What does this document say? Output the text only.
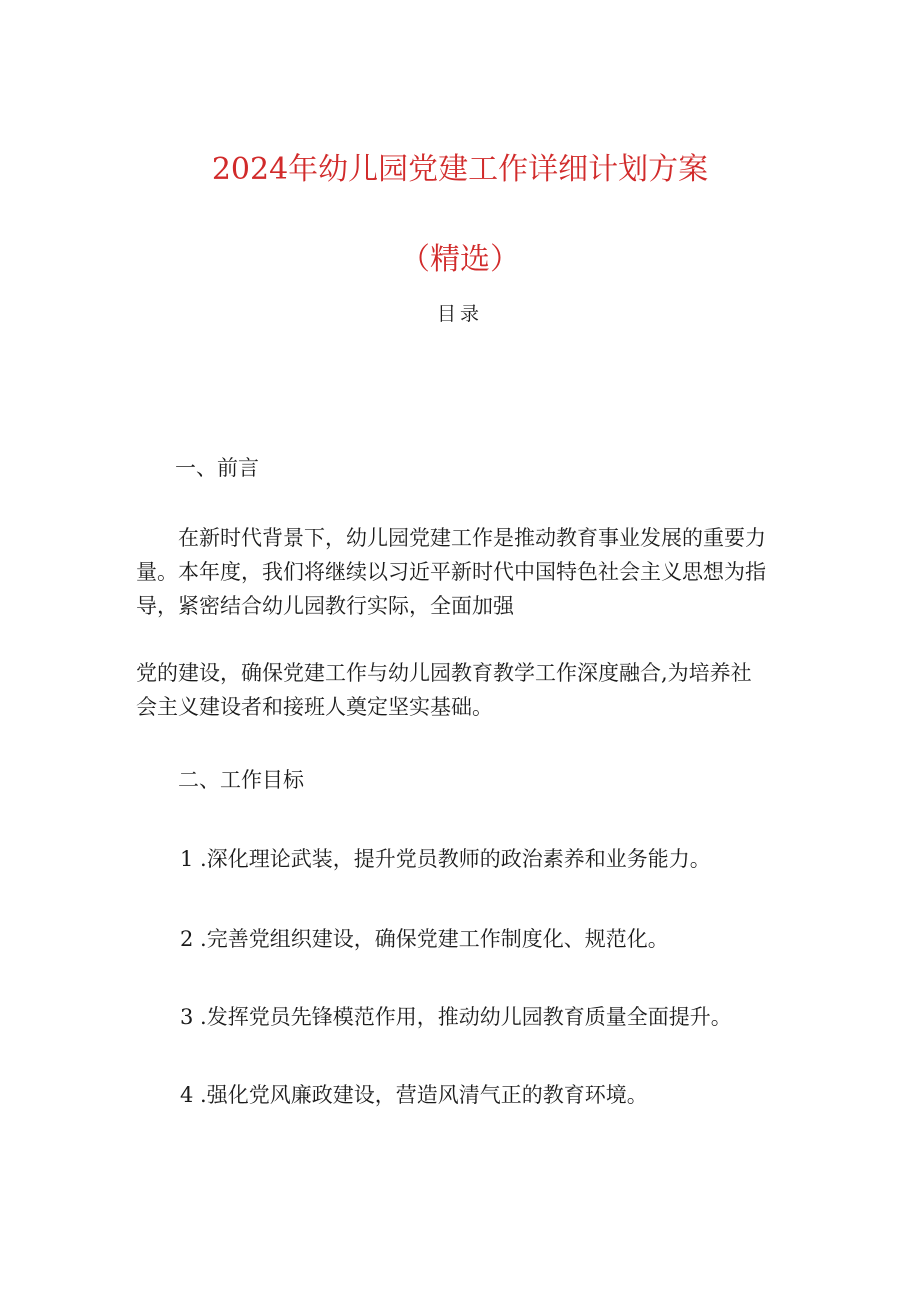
2024年幼儿园党建工作详细计划方案
（精选）
目录
一、前言
在新时代背景下，幼儿园党建工作是推动教育事业发展的重要力
量。本年度，我们将继续以习近平新时代中国特色社会主义思想为指
导，紧密结合幼儿园教行实际，全面加强
党的建设，确保党建工作与幼儿园教育教学工作深度融合,为培养社
会主义建设者和接班人奠定坚实基础。
二、工作目标
1 .深化理论武装，提升党员教师的政治素养和业务能力。
2 .完善党组织建设，确保党建工作制度化、规范化。
3 .发挥党员先锋模范作用，推动幼儿园教育质量全面提升。
4 .强化党风廉政建设，营造风清气正的教育环境。
